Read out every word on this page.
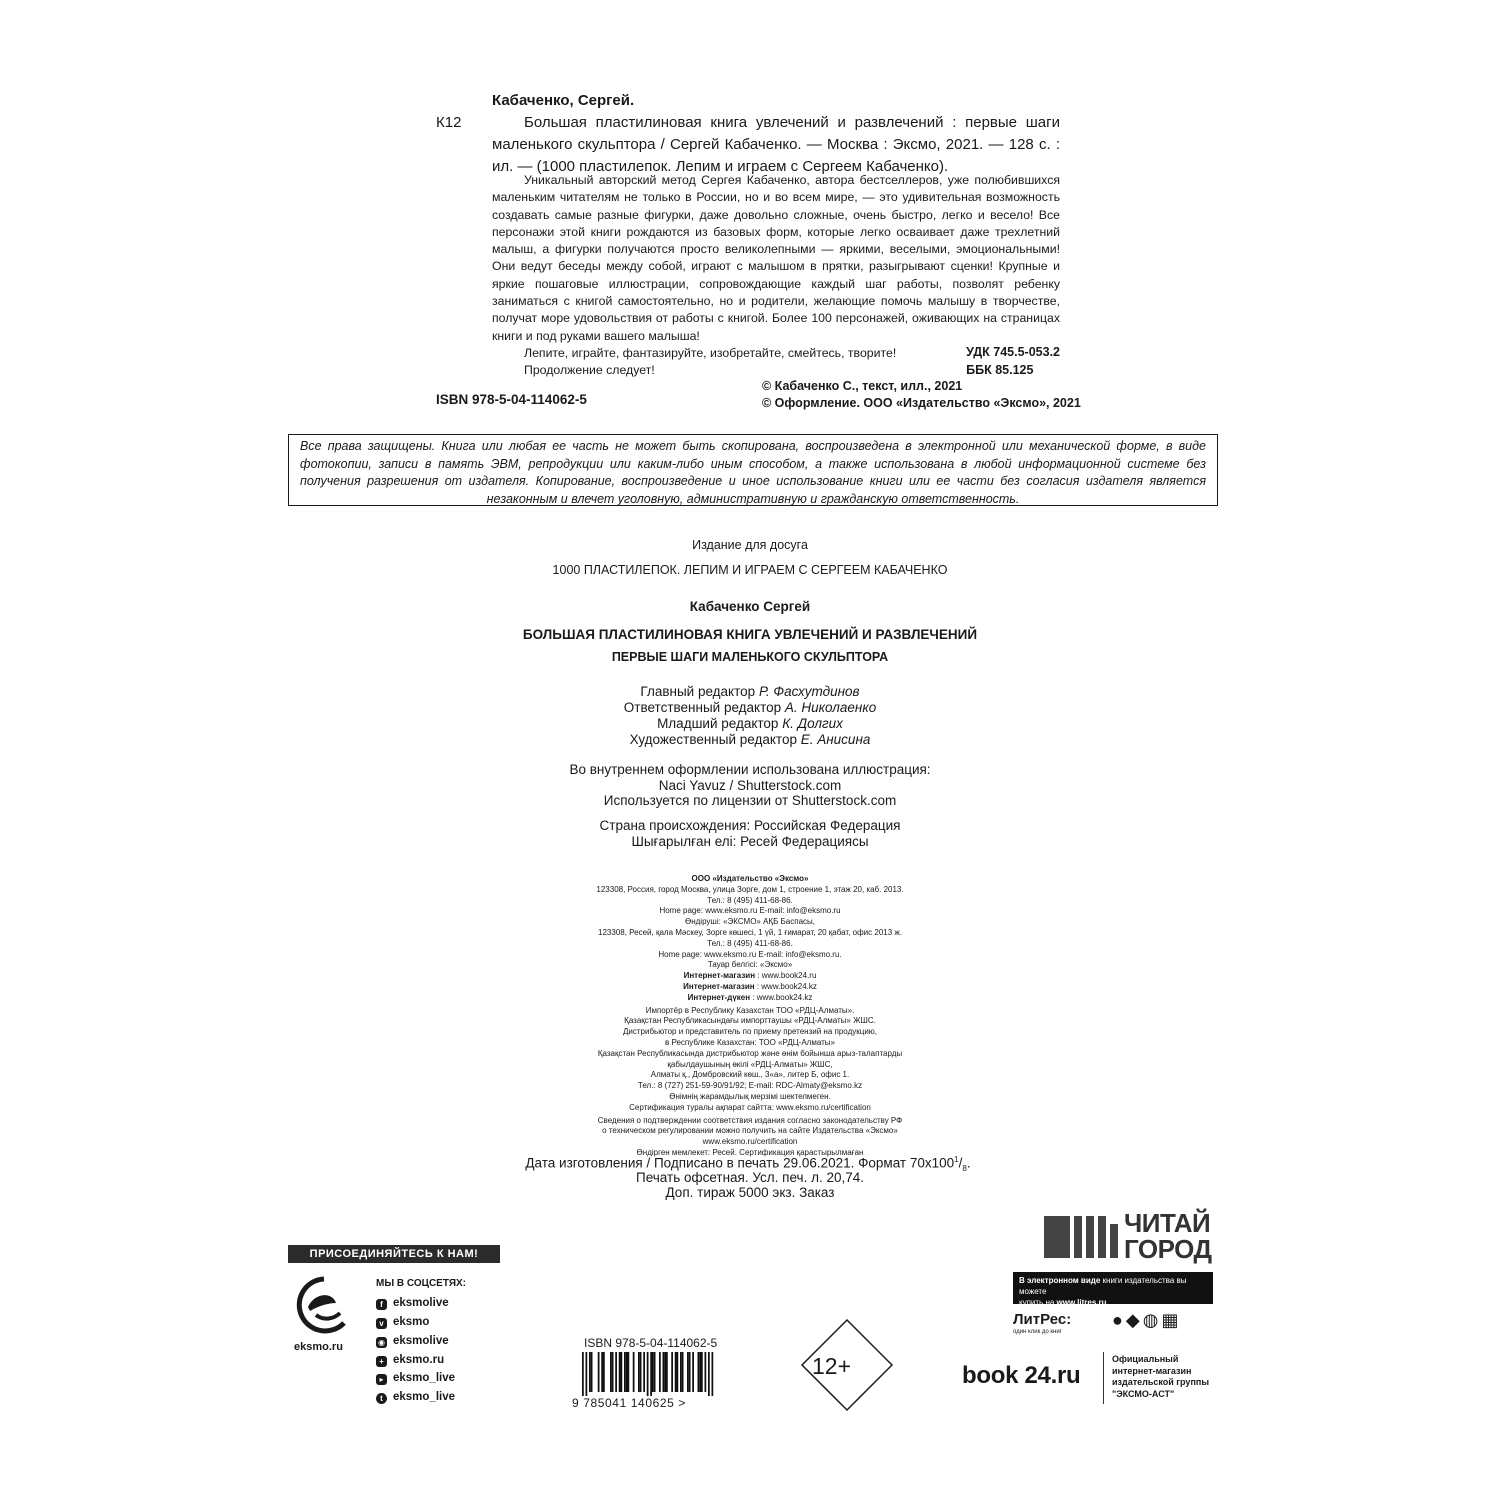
Кабаченко, Сергей.
К12	Большая пластилиновая книга увлечений и развлечений : первые шаги маленького скульптора / Сергей Кабаченко. — Москва : Эксмо, 2021. — 128 с. : ил. — (1000 пластилепок. Лепим и играем с Сергеем Кабаченко).

Уникальный авторский метод Сергея Кабаченко, автора бестселлеров, уже полюбившихся маленьким читателям не только в России, но и во всем мире, — это удивительная возможность создавать самые разные фигурки, даже довольно сложные, очень быстро, легко и весело! Все персонажи этой книги рождаются из базовых форм, которые легко осваивает даже трехлетний малыш, а фигурки получаются просто великолепными — яркими, веселыми, эмоциональными! Они ведут беседы между собой, играют с малышом в прятки, разыгрывают сценки! Крупные и яркие пошаговые иллюстрации, сопровождающие каждый шаг работы, позволят ребенку заниматься с книгой самостоятельно, но и родители, желающие помочь малышу в творчестве, получат море удовольствия от работы с книгой. Более 100 персонажей, оживающих на страницах книги и под руками вашего малыша!

Лепите, играйте, фантазируйте, изобретайте, смейтесь, творите!

Продолжение следует!

УДК 745.5-053.2
ББК 85.125
ISBN 978-5-04-114062-5
© Кабаченко С., текст, илл., 2021
© Оформление. ООО «Издательство «Эксмо», 2021
Все права защищены. Книга или любая ее часть не может быть скопирована, воспроизведена в электронной или механической форме, в виде фотокопии, записи в память ЭВМ, репродукции или каким-либо иным способом, а также использована в любой информационной системе без получения разрешения от издателя. Копирование, воспроизведение и иное использование книги или ее части без согласия издателя является незаконным и влечет уголовную, административную и гражданскую ответственность.
Издание для досуга
1000 ПЛАСТИЛЕПОК. ЛЕПИМ И ИГРАЕМ С СЕРГЕЕМ КАБАЧЕНКО
Кабаченко Сергей
БОЛЬШАЯ ПЛАСТИЛИНОВАЯ КНИГА УВЛЕЧЕНИЙ И РАЗВЛЕЧЕНИЙ
ПЕРВЫЕ ШАГИ МАЛЕНЬКОГО СКУЛЬПТОРА
Главный редактор Р. Фасхутдинов
Ответственный редактор А. Николаенко
Младший редактор К. Долгих
Художественный редактор Е. Анисина
Во внутреннем оформлении использована иллюстрация:
Naci Yavuz / Shutterstock.com
Используется по лицензии от Shutterstock.com
Страна происхождения: Российская Федерация
Шығарылған елі: Ресей Федерациясы
ООО «Издательство «Эксмо»
123308, Россия, город Москва, улица Зорге, дом 1, строение 1, этаж 20, каб. 2013.
Тел.: 8 (495) 411-68-86.
Home page: www.eksmo.ru E-mail: info@eksmo.ru
Өндіруші: «ЭКСМО» АҚБ Баспасы,
123308, Ресей, қала Мәскеу, Зорге көшесі, 1 үй, 1 ғимарат, 20 қабат, офис 2013 ж.
Тел.: 8 (495) 411-68-86.
Home page: www.eksmo.ru E-mail: info@eksmo.ru.
Тауар белгісі: «Эксмо»
Интернет-магазин : www.book24.ru
Интернет-магазин : www.book24.kz
Интернет-дүкен : www.book24.kz
Импортёр в Республику Казахстан ТОО «РДЦ-Алматы».
Қазақстан Республикасындағы импорттаушы «РДЦ-Алматы» ЖШС.
Дистрибьютор и представитель по приему претензий на продукцию,
в Республике Казахстан: ТОО «РДЦ-Алматы»
Қазақстан Республикасында дистрибьютор және өнім бойынша арыз-талаптарды
қабылдаушының өкілі «РДЦ-Алматы» ЖШС,
Алматы қ., Домбровский көш., 3«а», литер Б, офис 1.
Тел.: 8 (727) 251-59-90/91/92; E-mail: RDC-Almaty@eksmo.kz
Өнімнің жарамдылық мерзімі шектелмеген.
Сертификация туралы ақпарат сайтта: www.eksmo.ru/certification
Сведения о подтверждении соответствия издания согласно законодательству РФ
о техническом регулировании можно получить на сайте Издательства «Эксмо»
www.eksmo.ru/certification
Өндірген мемлекет: Ресей. Сертификация қарастырылмаған
Дата изготовления / Подписано в печать 29.06.2021. Формат $70x100^1/_8$.
Печать офсетная. Усл. печ. л. 20,74.
Доп. тираж 5000 экз. Заказ
ПРИСОЕДИНЯЙТЕСЬ К НАМ!
eksmo.ru
МЫ В СОЦСЕТЯХ:
f eksmolive
v eksmo
◉ eksmolive
+ eksmo.ru
▸ eksmo_live
t eksmo_live
ISBN 978-5-04-114062-5
9 785041 140625 >
12+
ЧИТАЙ
ГОРОД
В электронном виде книги издательства вы можете
купить на www.litres.ru
ЛитРес:
один клик до книг
●◆◍▦
book 24.ru
Официальный
интернет-магазин
издательской группы
"ЭКСМО-АСТ"
